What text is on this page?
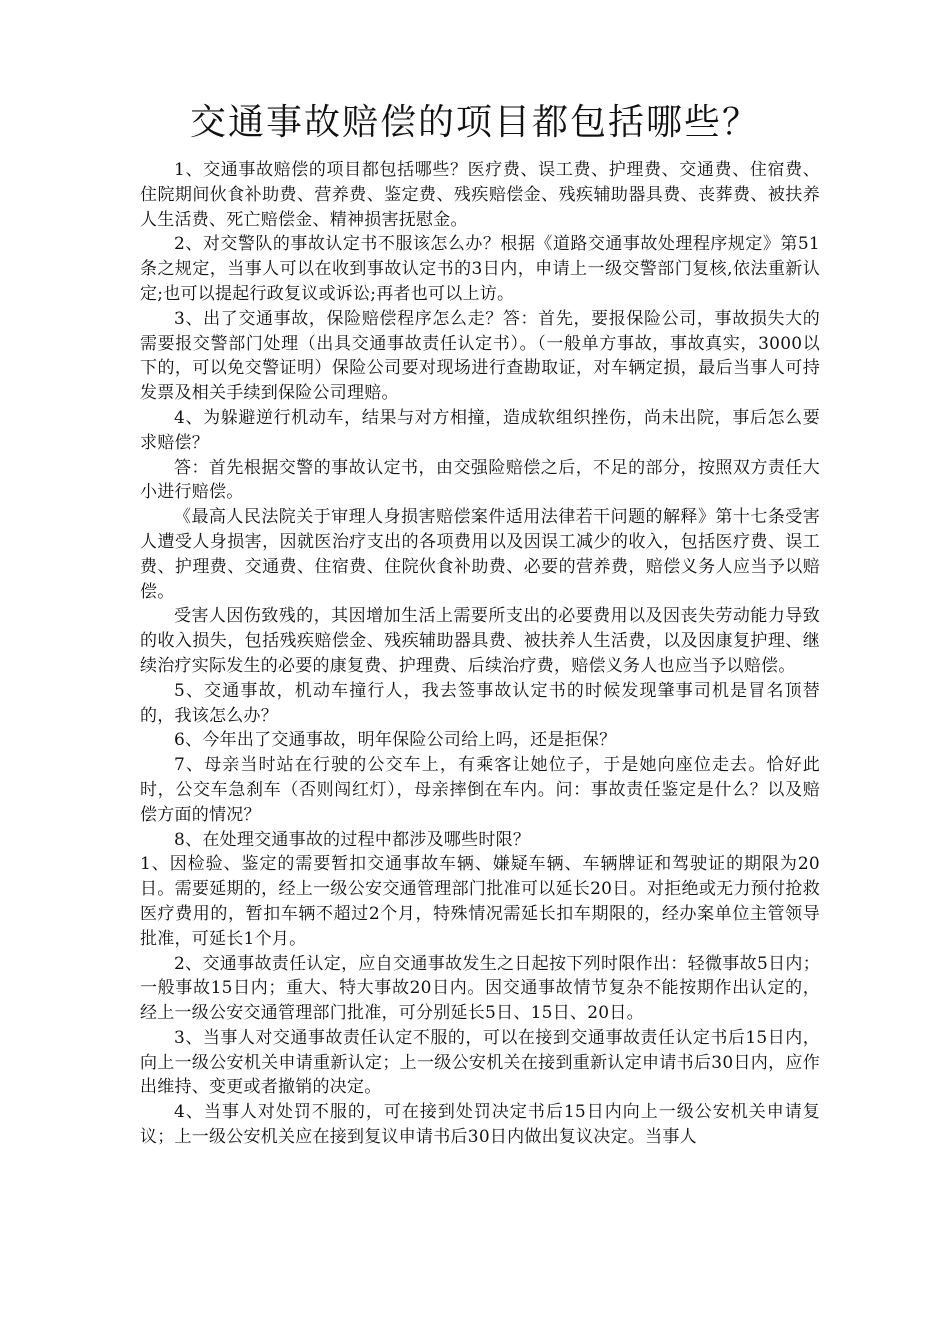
交通事故赔偿的项目都包括哪些？

1、交通事故赔偿的项目都包括哪些？医疗费、误工费、护理费、交通费、住宿费、住院期间伙食补助费、营养费、鉴定费、残疾赔偿金、残疾辅助器具费、丧葬费、被扶养人生活费、死亡赔偿金、精神损害抚慰金。

2、对交警队的事故认定书不服该怎么办？根据《道路交通事故处理程序规定》第51条之规定，当事人可以在收到事故认定书的3日内，申请上一级交警部门复核,依法重新认定;也可以提起行政复议或诉讼;再者也可以上访。

3、出了交通事故，保险赔偿程序怎么走？答：首先，要报保险公司，事故损失大的需要报交警部门处理（出具交通事故责任认定书）。（一般单方事故，事故真实，3000以下的，可以免交警证明）保险公司要对现场进行查勘取证，对车辆定损，最后当事人可持发票及相关手续到保险公司理赔。

4、为躲避逆行机动车，结果与对方相撞，造成软组织挫伤，尚未出院，事后怎么要求赔偿？

答：首先根据交警的事故认定书，由交强险赔偿之后，不足的部分，按照双方责任大小进行赔偿。

《最高人民法院关于审理人身损害赔偿案件适用法律若干问题的解释》第十七条受害人遭受人身损害，因就医治疗支出的各项费用以及因误工减少的收入，包括医疗费、误工费、护理费、交通费、住宿费、住院伙食补助费、必要的营养费，赔偿义务人应当予以赔偿。

受害人因伤致残的，其因增加生活上需要所支出的必要费用以及因丧失劳动能力导致的收入损失，包括残疾赔偿金、残疾辅助器具费、被扶养人生活费，以及因康复护理、继续治疗实际发生的必要的康复费、护理费、后续治疗费，赔偿义务人也应当予以赔偿。

5、交通事故，机动车撞行人，我去签事故认定书的时候发现肇事司机是冒名顶替的，我该怎么办？

6、今年出了交通事故，明年保险公司给上吗，还是拒保？

7、母亲当时站在行驶的公交车上，有乘客让她位子，于是她向座位走去。恰好此时，公交车急刹车（否则闯红灯），母亲摔倒在车内。问：事故责任鉴定是什么？以及赔偿方面的情况？

8、在处理交通事故的过程中都涉及哪些时限？

1、因检验、鉴定的需要暂扣交通事故车辆、嫌疑车辆、车辆牌证和驾驶证的期限为20日。需要延期的，经上一级公安交通管理部门批准可以延长20日。对拒绝或无力预付抢救医疗费用的，暂扣车辆不超过2个月，特殊情况需延长扣车期限的，经办案单位主管领导批准，可延长1个月。

2、交通事故责任认定，应自交通事故发生之日起按下列时限作出：轻微事故5日内；一般事故15日内；重大、特大事故20日内。因交通事故情节复杂不能按期作出认定的，经上一级公安交通管理部门批准，可分别延长5日、15日、20日。

3、当事人对交通事故责任认定不服的，可以在接到交通事故责任认定书后15日内，向上一级公安机关申请重新认定；上一级公安机关在接到重新认定申请书后30日内，应作出维持、变更或者撤销的决定。

4、当事人对处罚不服的，可在接到处罚决定书后15日内向上一级公安机关申请复议；上一级公安机关应在接到复议申请书后30日内做出复议决定。当事人
